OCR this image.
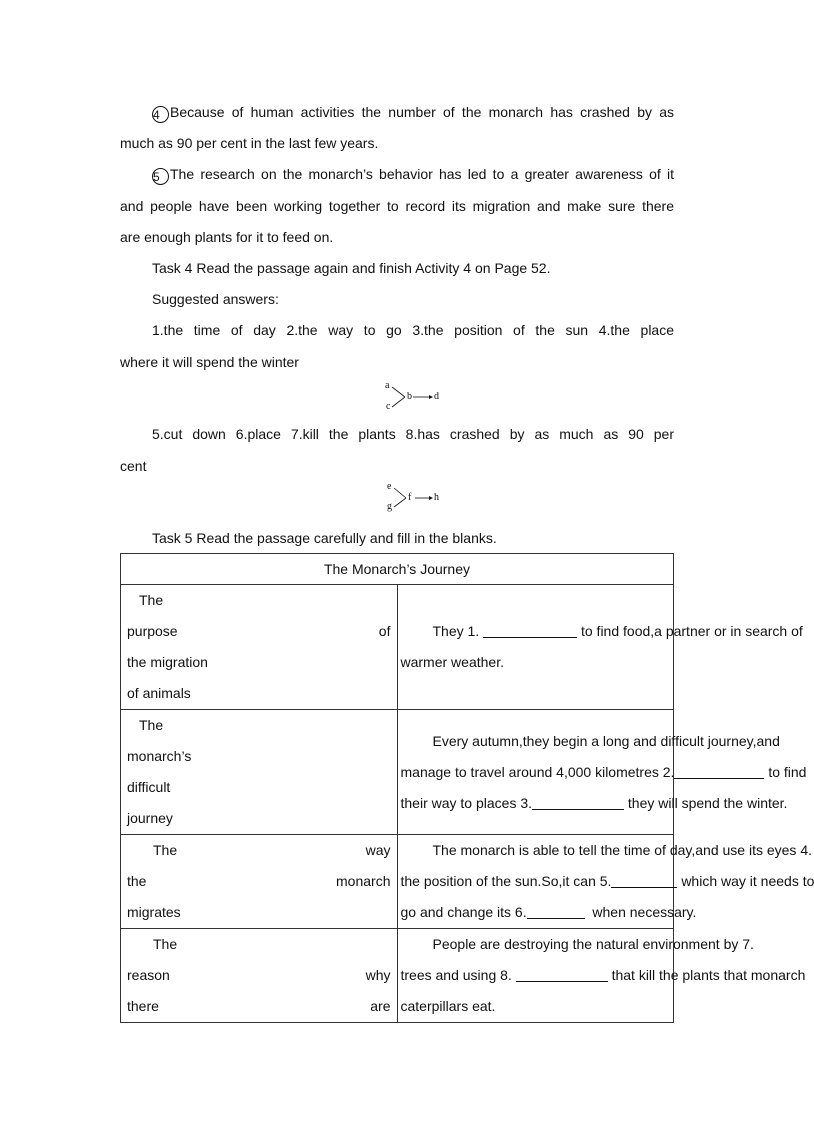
4 Because of human activities the number of the monarch has crashed by as
much as 90 per cent in the last few years.
5 The research on the monarch’s behavior has led to a greater awareness of it
and people have been working together to record its migration and make sure there
are enough plants for it to feed on.
Task 4 Read the passage again and finish Activity 4 on Page 52.
Suggested answers:
1.the time of day 2.the way to go 3.the position of the sun 4.the place
where it will spend the winter
a
c
b d
5.cut down 6.place 7.kill the plants 8.has crashed by as much as 90 per
cent
e
g
f h
Task 5 Read the passage carefully and fill in the blanks.
The Monarch’s Journey	

The
purpose of
the migration
of animals	They 1. to find food,a partner or in search of
warmer weather.

The
monarch’s
difficult
journey	Every autumn,they begin a long and difficult journey,and
manage to travel around 4,000 kilometres 2. to find
their way to places 3. they will spend the winter.

The way
the monarch
migrates	The monarch is able to tell the time of day,and use its eyes 4.
the position of the sun.So,it can 5. which way it needs to
go and change its 6. when necessary.

The
reason why
there are	People are destroying the natural environment by 7.
trees and using 8. that kill the plants that monarch
caterpillars eat.
